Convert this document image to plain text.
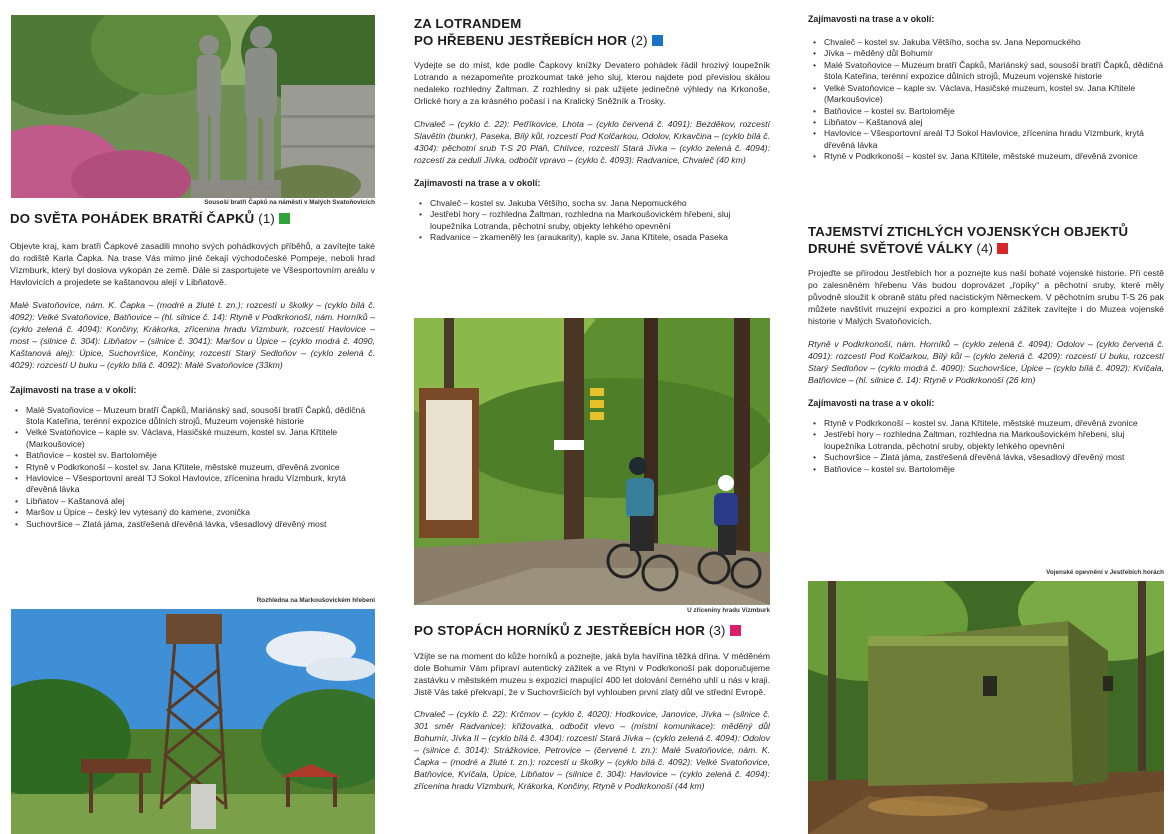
Sousoší bratří Čapků na náměstí v Malých Svatoňovicích
DO SVĚTA POHÁDEK BRATŘÍ ČAPKŮ (1)

Objevte kraj, kam bratři Čapkové zasadili mnoho svých pohádkových příběhů, a zavítejte také do rodiště Karla Čapka. Na trase Vás mimo jiné čekají východočeské Pompeje, neboli hrad Vízmburk, který byl doslova vykopán ze země. Dále si zasportujete ve Všesportovním areálu v Havlovicích a projedete se kaštanovou alejí v Libňatově.

Malé Svatoňovice, nám. K. Čapka – (modré a žluté t. zn.): rozcestí u školky – (cyklo bílá č. 4092): Velké Svatoňovice, Batňovice – (hl. silnice č. 14): Rtyně v Podkrkonoší, nám. Horníků – (cyklo zelená č. 4094): Končiny, Krákorka, zřícenina hradu Vízmburk, rozcestí Havlovice – most – (silnice č. 304): Libňatov – (silnice č. 3041): Maršov u Úpice – (cyklo modrá č. 4090, Kaštanová alej): Úpice, Suchovršice, Končiny, rozcestí Starý Sedloňov – (cyklo zelená č. 4029): rozcestí U buku – (cyklo bílá č. 4092): Malé Svatoňovice (33km)

Zajímavosti na trase a v okolí:
• Malé Svatoňovice – Muzeum bratří Čapků, Mariánský sad, sousoší bratří Čapků, dědičná štola Kateřina, terénní expozice důlních strojů, Muzeum vojenské historie
• Velké Svatoňovice – kaple sv. Václava, Hasičské muzeum, kostel sv. Jana Křtitele (Markoušovice)
• Batňovice – kostel sv. Bartoloměje
• Rtyně v Podkrkonoší – kostel sv. Jana Křtitele, městské muzeum, dřevěná zvonice
• Havlovice – Všesportovní areál TJ Sokol Havlovice, zřícenina hradu Vízmburk, krytá dřevěná lávka
• Libňatov – Kaštanová alej
• Maršov u Úpice – český lev vytesaný do kamene, zvonička
• Suchovršice – Zlatá jáma, zastřešená dřevěná lávka, všesadlový dřevěný most
Rozhledna na Markoušovickém hřebeni
ZA LOTRANDEM
PO HŘEBENU JESTŘEBÍCH HOR (2)

Vydejte se do míst, kde podle Čapkovy knížky Devatero pohádek řádil hrozivý loupežník Lotrando a nezapomeňte prozkoumat také jeho sluj, kterou najdete pod převislou skálou nedaleko rozhledny Žaltman. Z rozhledny si pak užijete jedinečné výhledy na Krkonoše, Orlické hory a za krásného počasí i na Kralický Sněžník a Trosky.

Chvaleč – (cyklo č. 22): Petříkovice, Lhota – (cyklo červená č. 4091): Bezděkov, rozcestí Slavětín (bunkr), Paseka, Bílý kůl, rozcestí Pod Kolčarkou, Odolov, Krkavčina – (cyklo bílá č. 4304): pěchotní srub T-S 20 Pláň, Chlívce, rozcestí Stará Jívka – (cyklo zelená č. 4094): rozcestí za cedulí Jívka, odbočit vpravo – (cyklo č. 4093): Radvanice, Chvaleč (40 km)

Zajímavosti na trase a v okolí:
• Chvaleč – kostel sv. Jakuba Většího, socha sv. Jana Nepomuckého
• Jestřebí hory – rozhledna Žaltman, rozhledna na Markoušovickém hřebeni, sluj loupežníka Lotranda, pěchotní sruby, objekty lehkého opevnění
• Radvanice – zkamenělý les (araukarity), kaple sv. Jana Křtitele, osada Paseka
U zříceniny hradu Vízmburk
PO STOPÁCH HORNÍKŮ Z JESTŘEBÍCH HOR (3)

Vžijte se na moment do kůže horníků a poznejte, jaká byla havířina těžká dřina. V měděném dole Bohumír Vám připraví autentický zážitek a ve Rtyni v Podkrkonoší pak doporučujeme zastávku v městském muzeu s expozicí mapující 400 let dolování černého uhlí u nás v kraji. Jistě Vás také překvapí, že v Suchovršicích byl vyhlouben první zlatý důl ve střední Evropě.

Chvaleč – (cyklo č. 22): Krčmov – (cyklo č. 4020): Hodkovice, Janovice, Jívka – (silnice č. 301 směr Radvanice): křižovatka, odbočit vlevo – (místní komunikace): měděný důl Bohumír, Jívka II – (cyklo bílá č. 4304): rozcestí Stará Jívka – (cyklo zelená č. 4094): Odolov – (silnice č. 3014): Strážkovice, Petrovice – (červené t. zn.): Malé Svatoňovice, nám. K. Čapka – (modré a žluté t. zn.): rozcestí u školky – (cyklo bílá č. 4092): Velké Svatoňovice, Batňovice, Kvíčala, Úpice, Libňatov – (silnice č. 304): Havlovice – (cyklo zelená č. 4094): zřícenina hradu Vízmburk, Krákorka, Končiny, Rtyně v Podkrkonoší (44 km)

Zajímavosti na trase a v okolí:
• Chvaleč – kostel sv. Jakuba Většího, socha sv. Jana Nepomuckého
• Jívka – měděný důl Bohumír
• Malé Svatoňovice – Muzeum bratří Čapků, Mariánský sad, sousoší bratří Čapků, dědičná štola Kateřina, terénní expozice důlních strojů, Muzeum vojenské historie
• Velké Svatoňovice – kaple sv. Václava, Hasičské muzeum, kostel sv. Jana Křtitele (Markoušovice)
• Batňovice – kostel sv. Bartoloměje
• Libňatov – Kaštanová alej
• Havlovice – Všesportovní areál TJ Sokol Havlovice, zřícenina hradu Vízmburk, krytá dřevěná lávka
• Rtyně v Podkrkonoší – kostel sv. Jana Křtitele, městské muzeum, dřevěná zvonice
TAJEMSTVÍ ZTICHLÝCH VOJENSKÝCH OBJEKTŮ
DRUHÉ SVĚTOVÉ VÁLKY (4)

Projeďte se přírodou Jestřebích hor a poznejte kus naší bohaté vojenské historie. Při cestě po zalesněném hřebenu Vás budou doprovázet „řopíky“ a pěchotní sruby, které měly původně sloužit k obraně státu před nacistickým Německem. V pěchotním srubu T-S 26 pak můžete navštívit muzejní expozici a pro komplexní zážitek zavítejte i do Muzea vojenské historie v Malých Svatoňovicích.

Rtyně v Podkrkonoší, nám. Horníků – (cyklo zelená č. 4094): Odolov – (cyklo červená č. 4091): rozcestí Pod Kolčarkou, Bílý kůl – (cyklo zelená č. 4209): rozcestí U buku, rozcestí Starý Sedloňov – (cyklo modrá č. 4090): Suchovršice, Úpice – (cyklo bílá č. 4092): Kvíčala, Batňovice – (hl. silnice č. 14): Rtyně v Podkrkonoší (26 km)

Zajímavosti na trase a v okolí:
• Rtyně v Podkrkonoší – kostel sv. Jana Křtitele, městské muzeum, dřevěná zvonice
• Jestřebí hory – rozhledna Žaltman, rozhledna na Markoušovickém hřebeni, sluj loupežníka Lotranda, pěchotní sruby, objekty lehkého opevnění
• Suchovršice – Zlatá jáma, zastřešená dřevěná lávka, všesadlový dřevěný most
• Batňovice – kostel sv. Bartoloměje
Vojenské opevnění v Jestřebích horách
